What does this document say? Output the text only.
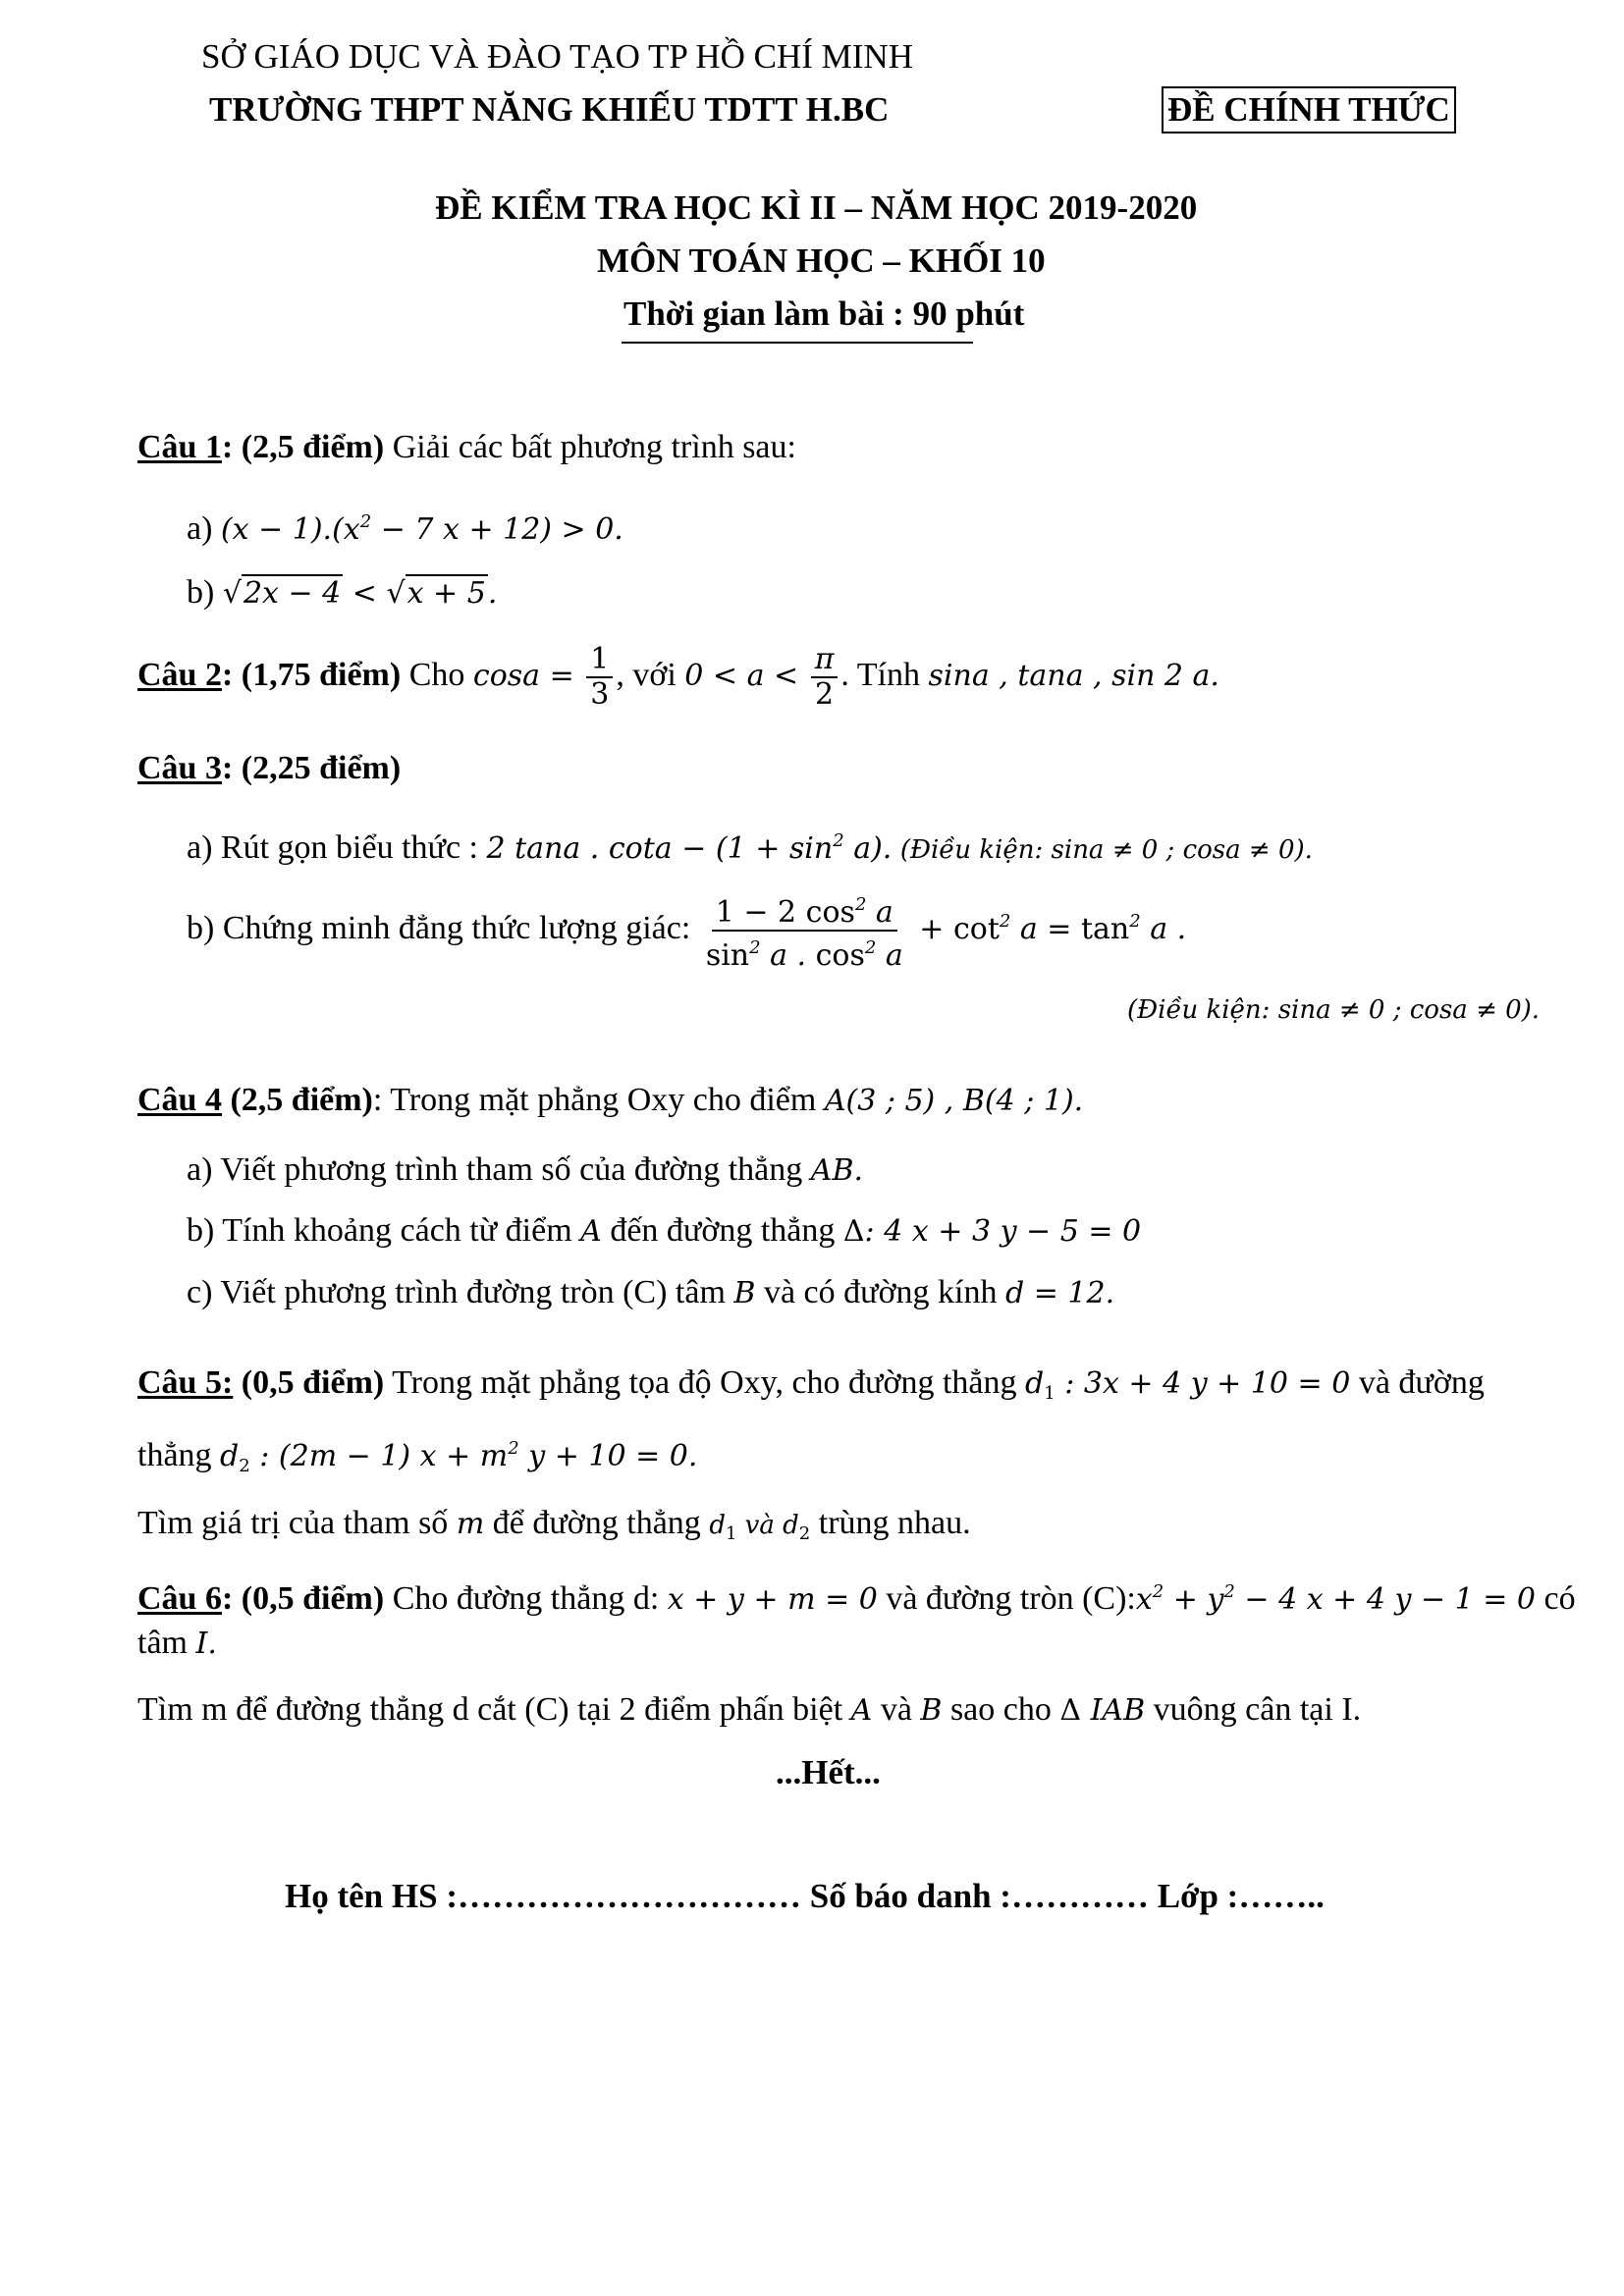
SỞ GIÁO DỤC VÀ ĐÀO TẠO TP HỒ CHÍ MINH
TRƯỜNG THPT NĂNG KHIẾU TDTT H.BC	ĐỀ CHÍNH THỨC
ĐỀ KIỂM TRA HỌC KÌ II – NĂM HỌC 2019-2020
MÔN TOÁN HỌC – KHỐI 10
Thời gian làm bài : 90 phút
Câu 1: (2,5 điểm) Giải các bất phương trình sau:
a) $(x - 1).(x^2 - 7$ x + 12) > 0.
b) √2x − 4 < √x + 5.
Câu 2: (1,75 điểm) Cho $\cos a = \frac{1}{3}$ , với $0 < a < \frac{\pi}{2}$ . Tính sina , tana , sin 2 a.
Câu 3: (2,25 điểm)
a) Rút gọn biểu thức : 2 tana . $\cot a - (1 + \sin^2 a)$. (Điều kiện: sina ≠ 0 ; cosa ≠ 0).
b) Chứng minh đẳng thức lượng giác: $\frac{1 - 2 \cos^2 a}{\sin^2 a . \cos^2 a} + \cot^2 a = \tan^2 a$ .
(Điều kiện: sina ≠ 0 ; cosa ≠ 0).
Câu 4 (2,5 điểm): Trong mặt phẳng Oxy cho điểm A(3 ; 5) , B(4 ; 1).
a) Viết phương trình tham số của đường thẳng AB.
b) Tính khoảng cách từ điểm A đến đường thẳng Δ: 4 x + 3 y − 5 = 0
c) Viết phương trình đường tròn (C) tâm B và có đường kính d = 12.
Câu 5: (0,5 điểm) Trong mặt phẳng tọa độ Oxy, cho đường thẳng $d_1$ : 3x + 4 y + 10 = 0 và đường
thẳng $d_2$ : (2m − 1) $x + m^2$ y + 10 = 0.
Tìm giá trị của tham số m để đường thẳng $d_1$ và $d_2$ trùng nhau.
Câu 6: (0,5 điểm) Cho đường thẳng d: x + y + m = 0 và đường tròn $(C):x^2 + y^2 - 4$ x + 4 y − 1 = 0 có
tâm I.
Tìm m để đường thẳng d cắt (C) tại 2 điểm phấn biệt A và B sao cho Δ IAB vuông cân tại I.
...Hết...
Họ tên HS :………………………… Số báo danh :………… Lớp :……..
